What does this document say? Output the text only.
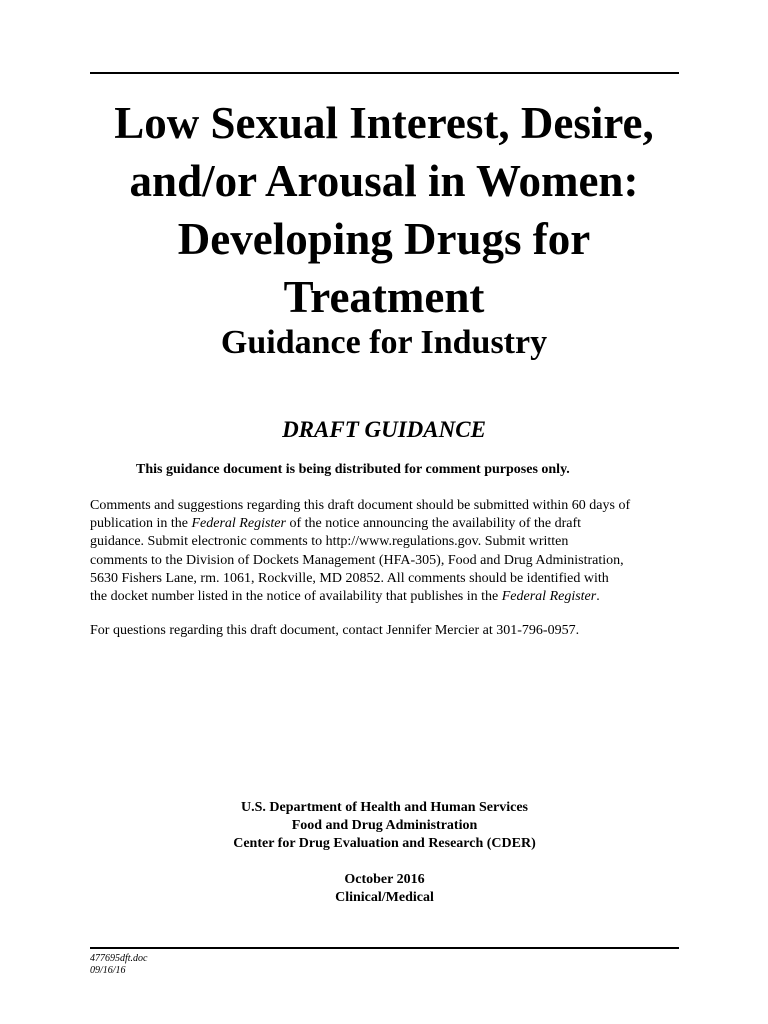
Low Sexual Interest, Desire,
and/or Arousal in Women:
Developing Drugs for
Treatment
Guidance for Industry
DRAFT GUIDANCE
This guidance document is being distributed for comment purposes only.
Comments and suggestions regarding this draft document should be submitted within 60 days of
publication in the Federal Register of the notice announcing the availability of the draft
guidance. Submit electronic comments to http://www.regulations.gov. Submit written
comments to the Division of Dockets Management (HFA-305), Food and Drug Administration,
5630 Fishers Lane, rm. 1061, Rockville, MD 20852. All comments should be identified with
the docket number listed in the notice of availability that publishes in the Federal Register.
For questions regarding this draft document, contact Jennifer Mercier at 301-796-0957.
U.S. Department of Health and Human Services
Food and Drug Administration
Center for Drug Evaluation and Research (CDER)
October 2016
Clinical/Medical
477695dft.doc
09/16/16
